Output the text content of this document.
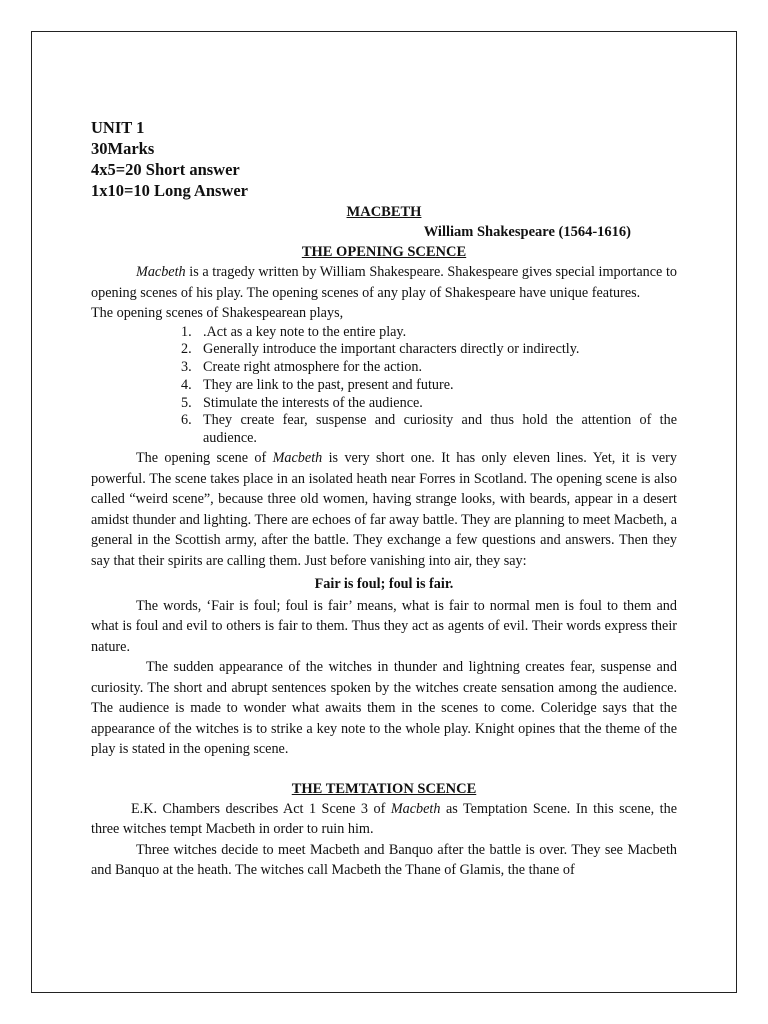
UNIT 1
30Marks
4x5=20 Short answer
1x10=10 Long Answer
MACBETH
William Shakespeare (1564-1616)
THE OPENING SCENCE

Macbeth is a tragedy written by William Shakespeare. Shakespeare gives special importance to opening scenes of his play. The opening scenes of any play of Shakespeare have unique features.

The opening scenes of Shakespearean plays,

1. .Act as a key note to the entire play.
2. Generally introduce the important characters directly or indirectly.
3. Create right atmosphere for the action.
4. They are link to the past, present and future.
5. Stimulate the interests of the audience.
6. They create fear, suspense and curiosity and thus hold the attention of the audience.

The opening scene of Macbeth is very short one. It has only eleven lines. Yet, it is very powerful. The scene takes place in an isolated heath near Forres in Scotland. The opening scene is also called “weird scene”, because three old women, having strange looks, with beards, appear in a desert amidst thunder and lighting. There are echoes of far away battle. They are planning to meet Macbeth, a general in the Scottish army, after the battle. They exchange a few questions and answers. Then they say that their spirits are calling them. Just before vanishing into air, they say:

Fair is foul; foul is fair.

The words, ‘Fair is foul; foul is fair’ means, what is fair to normal men is foul to them and what is foul and evil to others is fair to them. Thus they act as agents of evil. Their words express their nature.

The sudden appearance of the witches in thunder and lightning creates fear, suspense and curiosity. The short and abrupt sentences spoken by the witches create sensation among the audience. The audience is made to wonder what awaits them in the scenes to come. Coleridge says that the appearance of the witches is to strike a key note to the whole play. Knight opines that the theme of the play is stated in the opening scene.

THE TEMTATION SCENCE

E.K. Chambers describes Act 1 Scene 3 of Macbeth as Temptation Scene. In this scene, the three witches tempt Macbeth in order to ruin him.

Three witches decide to meet Macbeth and Banquo after the battle is over. They see Macbeth and Banquo at the heath. The witches call Macbeth the Thane of Glamis, the thane of
